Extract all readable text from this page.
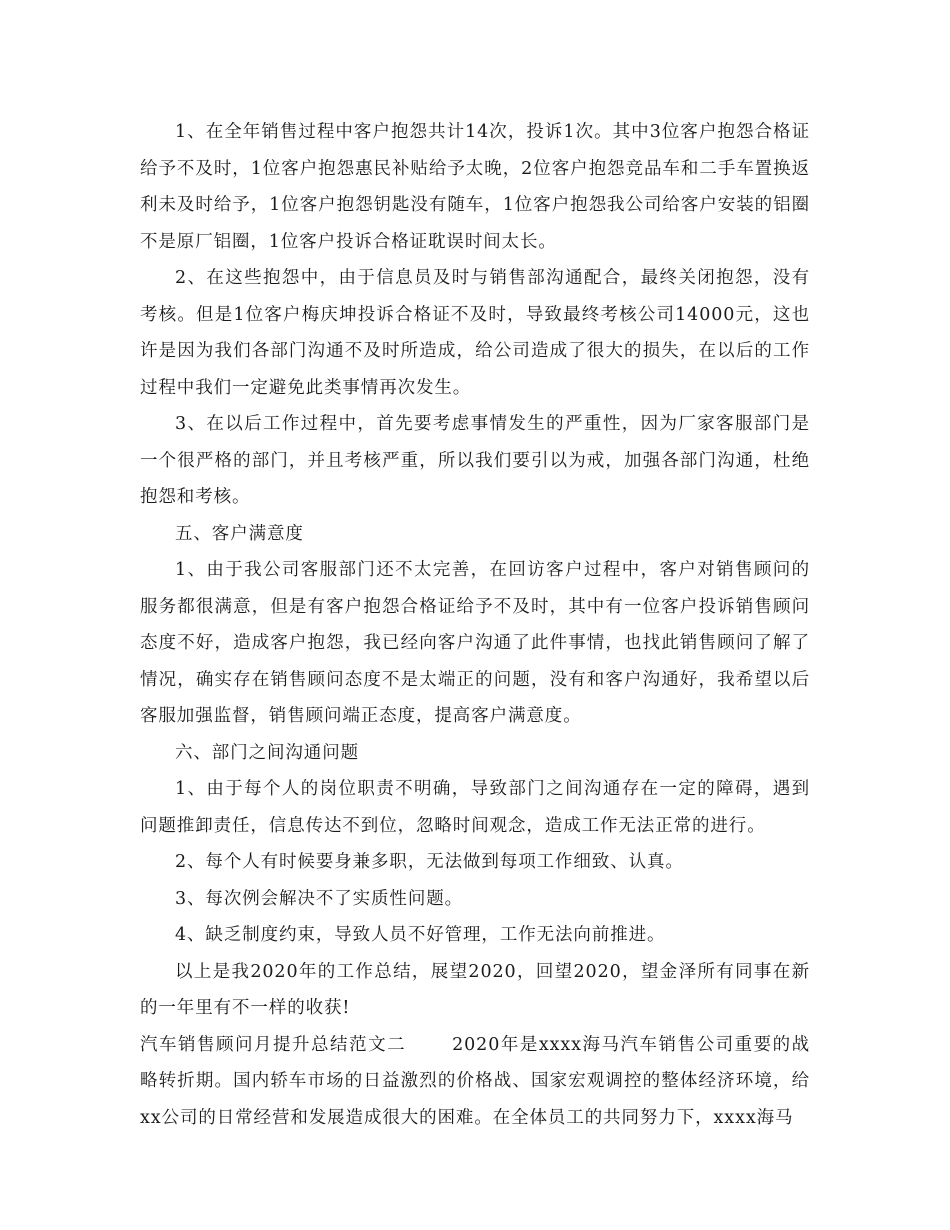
1、在全年销售过程中客户抱怨共计14次，投诉1次。其中3位客户抱怨合格证给予不及时，1位客户抱怨惠民补贴给予太晚，2位客户抱怨竞品车和二手车置换返利未及时给予，1位客户抱怨钥匙没有随车，1位客户抱怨我公司给客户安装的铝圈不是原厂铝圈，1位客户投诉合格证耽误时间太长。

2、在这些抱怨中，由于信息员及时与销售部沟通配合，最终关闭抱怨，没有考核。但是1位客户梅庆坤投诉合格证不及时，导致最终考核公司14000元，这也许是因为我们各部门沟通不及时所造成，给公司造成了很大的损失，在以后的工作过程中我们一定避免此类事情再次发生。

3、在以后工作过程中，首先要考虑事情发生的严重性，因为厂家客服部门是一个很严格的部门，并且考核严重，所以我们要引以为戒，加强各部门沟通，杜绝抱怨和考核。

五、客户满意度

1、由于我公司客服部门还不太完善，在回访客户过程中，客户对销售顾问的服务都很满意，但是有客户抱怨合格证给予不及时，其中有一位客户投诉销售顾问态度不好，造成客户抱怨，我已经向客户沟通了此件事情，也找此销售顾问了解了情况，确实存在销售顾问态度不是太端正的问题，没有和客户沟通好，我希望以后客服加强监督，销售顾问端正态度，提高客户满意度。

六、部门之间沟通问题

1、由于每个人的岗位职责不明确，导致部门之间沟通存在一定的障碍，遇到问题推卸责任，信息传达不到位，忽略时间观念，造成工作无法正常的进行。

2、每个人有时候要身兼多职，无法做到每项工作细致、认真。

3、每次例会解决不了实质性问题。

4、缺乏制度约束，导致人员不好管理，工作无法向前推进。

以上是我2020年的工作总结，展望2020，回望2020，望金泽所有同事在新的一年里有不一样的收获!

汽车销售顾问月提升总结范文二	2020年是xxxx海马汽车销售公司重要的战略转折期。国内轿车市场的日益激烈的价格战、国家宏观调控的整体经济环境，给xx公司的日常经营和发展造成很大的困难。在全体员工的共同努力下，xxxx海马
